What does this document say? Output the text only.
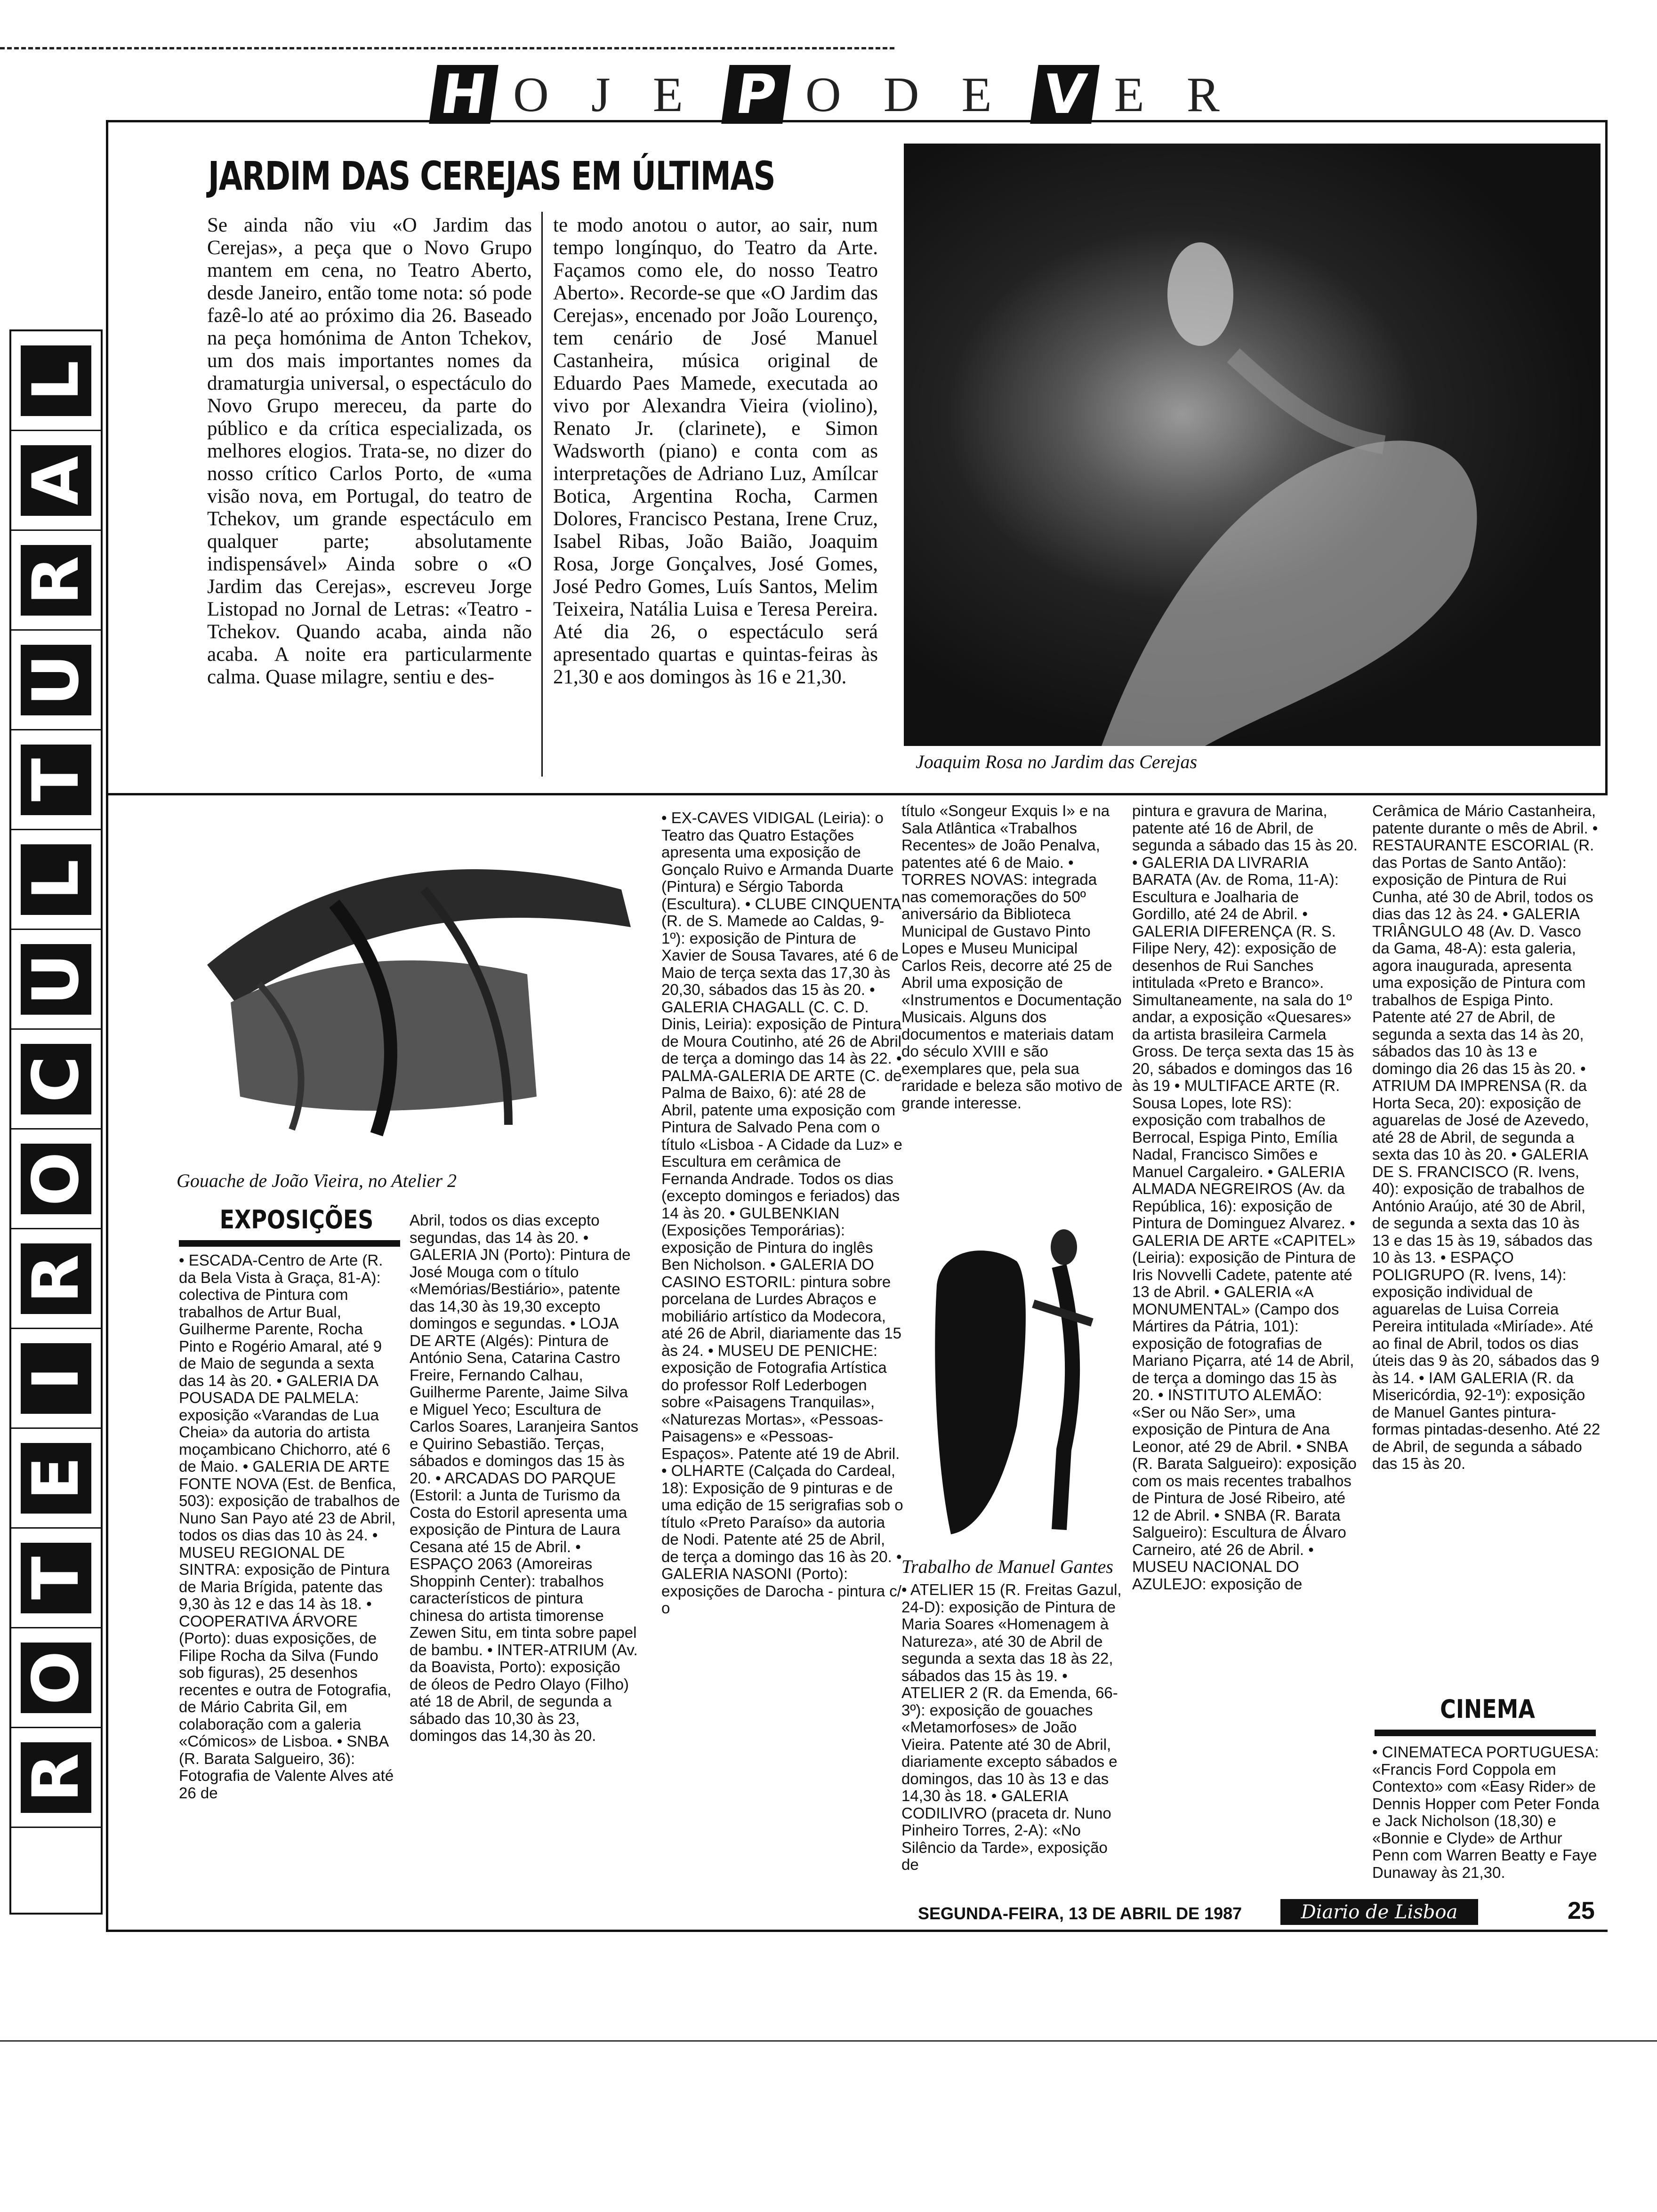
H OJE P ODE V ER
L
A
R
U
T
L
U
C
O
R
I
E
T
O
R
JARDIM DAS CEREJAS EM ÚLTIMAS
Se ainda não viu «O Jardim das Cerejas», a peça que o Novo Grupo mantem em cena, no Teatro Aberto, desde Janeiro, então tome nota: só pode fazê-lo até ao próximo dia 26. Baseado na peça homónima de Anton Tchekov, um dos mais importantes nomes da dramaturgia universal, o espectáculo do Novo Grupo mereceu, da parte do público e da crítica especializada, os melhores elogios. Trata-se, no dizer do nosso crítico Carlos Porto, de «uma visão nova, em Portugal, do teatro de Tchekov, um grande espectáculo em qualquer parte; absolutamente indispensável» Ainda sobre o «O Jardim das Cerejas», escreveu Jorge Listopad no Jornal de Letras: «Teatro - Tchekov. Quando acaba, ainda não acaba. A noite era particularmente calma. Quase milagre, sentiu e des-
te modo anotou o autor, ao sair, num tempo longínquo, do Teatro da Arte. Façamos como ele, do nosso Teatro Aberto». Recorde-se que «O Jardim das Cerejas», encenado por João Lourenço, tem cenário de José Manuel Castanheira, música original de Eduardo Paes Mamede, executada ao vivo por Alexandra Vieira (violino), Renato Jr. (clarinete), e Simon Wadsworth (piano) e conta com as interpretações de Adriano Luz, Amílcar Botica, Argentina Rocha, Carmen Dolores, Francisco Pestana, Irene Cruz, Isabel Ribas, João Baião, Joaquim Rosa, Jorge Gonçalves, José Gomes, José Pedro Gomes, Luís Santos, Melim Teixeira, Natália Luisa e Teresa Pereira. Até dia 26, o espectáculo será apresentado quartas e quintas-feiras às 21,30 e aos domingos às 16 e 21,30.
Joaquim Rosa no Jardim das Cerejas
Gouache de João Vieira, no Atelier 2
EXPOSIÇÕES
• ESCADA-Centro de Arte (R. da Bela Vista à Graça, 81-A): colectiva de Pintura com trabalhos de Artur Bual, Guilherme Parente, Rocha Pinto e Rogério Amaral, até 9 de Maio de segunda a sexta das 14 às 20. • GALERIA DA POUSADA DE PALMELA: exposição «Varandas de Lua Cheia» da autoria do artista moçambicano Chichorro, até 6 de Maio. • GALERIA DE ARTE FONTE NOVA (Est. de Benfica, 503): exposição de trabalhos de Nuno San Payo até 23 de Abril, todos os dias das 10 às 24. • MUSEU REGIONAL DE SINTRA: exposição de Pintura de Maria Brígida, patente das 9,30 às 12 e das 14 às 18. • COOPERATIVA ÁRVORE (Porto): duas exposições, de Filipe Rocha da Silva (Fundo sob figuras), 25 desenhos recentes e outra de Fotografia, de Mário Cabrita Gil, em colaboração com a galeria «Cómicos» de Lisboa. • SNBA (R. Barata Salgueiro, 36): Fotografia de Valente Alves até 26 de
Abril, todos os dias excepto segundas, das 14 às 20. • GALERIA JN (Porto): Pintura de José Mouga com o título «Memórias/Bestiário», patente das 14,30 às 19,30 excepto domingos e segundas. • LOJA DE ARTE (Algés): Pintura de António Sena, Catarina Castro Freire, Fernando Calhau, Guilherme Parente, Jaime Silva e Miguel Yeco; Escultura de Carlos Soares, Laranjeira Santos e Quirino Sebastião. Terças, sábados e domingos das 15 às 20. • ARCADAS DO PARQUE (Estoril: a Junta de Turismo da Costa do Estoril apresenta uma exposição de Pintura de Laura Cesana até 15 de Abril. • ESPAÇO 2063 (Amoreiras Shoppinh Center): trabalhos característicos de pintura chinesa do artista timorense Zewen Situ, em tinta sobre papel de bambu. • INTER-ATRIUM (Av. da Boavista, Porto): exposição de óleos de Pedro Olayo (Filho) até 18 de Abril, de segunda a sábado das 10,30 às 23, domingos das 14,30 às 20.
• EX-CAVES VIDIGAL (Leiria): o Teatro das Quatro Estações apresenta uma exposição de Gonçalo Ruivo e Armanda Duarte (Pintura) e Sérgio Taborda (Escultura). • CLUBE CINQUENTA (R. de S. Mamede ao Caldas, 9-1º): exposição de Pintura de Xavier de Sousa Tavares, até 6 de Maio de terça sexta das 17,30 às 20,30, sábados das 15 às 20. • GALERIA CHAGALL (C. C. D. Dinis, Leiria): exposição de Pintura de Moura Coutinho, até 26 de Abril de terça a domingo das 14 às 22. • PALMA-GALERIA DE ARTE (C. de Palma de Baixo, 6): até 28 de Abril, patente uma exposição com Pintura de Salvado Pena com o título «Lisboa - A Cidade da Luz» e Escultura em cerâmica de Fernanda Andrade. Todos os dias (excepto domingos e feriados) das 14 às 20. • GULBENKIAN (Exposições Temporárias): exposição de Pintura do inglês Ben Nicholson. • GALERIA DO CASINO ESTORIL: pintura sobre porcelana de Lurdes Abraços e mobiliário artístico da Modecora, até 26 de Abril, diariamente das 15 às 24. • MUSEU DE PENICHE: exposição de Fotografia Artística do professor Rolf Lederbogen sobre «Paisagens Tranquilas», «Naturezas Mortas», «Pessoas-Paisagens» e «Pessoas-Espaços». Patente até 19 de Abril. • OLHARTE (Calçada do Cardeal, 18): Exposição de 9 pinturas e de uma edição de 15 serigrafias sob o título «Preto Paraíso» da autoria de Nodi. Patente até 25 de Abril, de terça a domingo das 16 às 20. • GALERIA NASONI (Porto): exposições de Darocha - pintura c/ o
título «Songeur Exquis I» e na Sala Atlântica «Trabalhos Recentes» de João Penalva, patentes até 6 de Maio. • TORRES NOVAS: integrada nas comemorações do 50º aniversário da Biblioteca Municipal de Gustavo Pinto Lopes e Museu Municipal Carlos Reis, decorre até 25 de Abril uma exposição de «Instrumentos e Documentação Musicais. Alguns dos documentos e materiais datam do século XVIII e são exemplares que, pela sua raridade e beleza são motivo de grande interesse.
Trabalho de Manuel Gantes
• ATELIER 15 (R. Freitas Gazul, 24-D): exposição de Pintura de Maria Soares «Homenagem à Natureza», até 30 de Abril de segunda a sexta das 18 às 22, sábados das 15 às 19. • ATELIER 2 (R. da Emenda, 66-3º): exposição de gouaches «Metamorfoses» de João Vieira. Patente até 30 de Abril, diariamente excepto sábados e domingos, das 10 às 13 e das 14,30 às 18. • GALERIA CODILIVRO (praceta dr. Nuno Pinheiro Torres, 2-A): «No Silêncio da Tarde», exposição de
pintura e gravura de Marina, patente até 16 de Abril, de segunda a sábado das 15 às 20. • GALERIA DA LIVRARIA BARATA (Av. de Roma, 11-A): Escultura e Joalharia de Gordillo, até 24 de Abril. • GALERIA DIFERENÇA (R. S. Filipe Nery, 42): exposição de desenhos de Rui Sanches intitulada «Preto e Branco». Simultaneamente, na sala do 1º andar, a exposição «Quesares» da artista brasileira Carmela Gross. De terça sexta das 15 às 20, sábados e domingos das 16 às 19 • MULTIFACE ARTE (R. Sousa Lopes, lote RS): exposição com trabalhos de Berrocal, Espiga Pinto, Emília Nadal, Francisco Simões e Manuel Cargaleiro. • GALERIA ALMADA NEGREIROS (Av. da República, 16): exposição de Pintura de Dominguez Alvarez. • GALERIA DE ARTE «CAPITEL» (Leiria): exposição de Pintura de Iris Novvelli Cadete, patente até 13 de Abril. • GALERIA «A MONUMENTAL» (Campo dos Mártires da Pátria, 101): exposição de fotografias de Mariano Piçarra, até 14 de Abril, de terça a domingo das 15 às 20. • INSTITUTO ALEMÃO: «Ser ou Não Ser», uma exposição de Pintura de Ana Leonor, até 29 de Abril. • SNBA (R. Barata Salgueiro): exposição com os mais recentes trabalhos de Pintura de José Ribeiro, até 12 de Abril. • SNBA (R. Barata Salgueiro): Escultura de Álvaro Carneiro, até 26 de Abril. • MUSEU NACIONAL DO AZULEJO: exposição de
Cerâmica de Mário Castanheira, patente durante o mês de Abril. • RESTAURANTE ESCORIAL (R. das Portas de Santo Antão): exposição de Pintura de Rui Cunha, até 30 de Abril, todos os dias das 12 às 24. • GALERIA TRIÂNGULO 48 (Av. D. Vasco da Gama, 48-A): esta galeria, agora inaugurada, apresenta uma exposição de Pintura com trabalhos de Espiga Pinto. Patente até 27 de Abril, de segunda a sexta das 14 às 20, sábados das 10 às 13 e domingo dia 26 das 15 às 20. • ATRIUM DA IMPRENSA (R. da Horta Seca, 20): exposição de aguarelas de José de Azevedo, até 28 de Abril, de segunda a sexta das 10 às 20. • GALERIA DE S. FRANCISCO (R. Ivens, 40): exposição de trabalhos de António Araújo, até 30 de Abril, de segunda a sexta das 10 às 13 e das 15 às 19, sábados das 10 às 13. • ESPAÇO POLIGRUPO (R. Ivens, 14): exposição individual de aguarelas de Luisa Correia Pereira intitulada «Miríade». Até ao final de Abril, todos os dias úteis das 9 às 20, sábados das 9 às 14. • IAM GALERIA (R. da Misericórdia, 92-1º): exposição de Manuel Gantes pintura-formas pintadas-desenho. Até 22 de Abril, de segunda a sábado das 15 às 20.
CINEMA
• CINEMATECA PORTUGUESA: «Francis Ford Coppola em Contexto» com «Easy Rider» de Dennis Hopper com Peter Fonda e Jack Nicholson (18,30) e «Bonnie e Clyde» de Arthur Penn com Warren Beatty e Faye Dunaway às 21,30.
SEGUNDA-FEIRA, 13 DE ABRIL DE 1987	Diario de Lisboa	25
